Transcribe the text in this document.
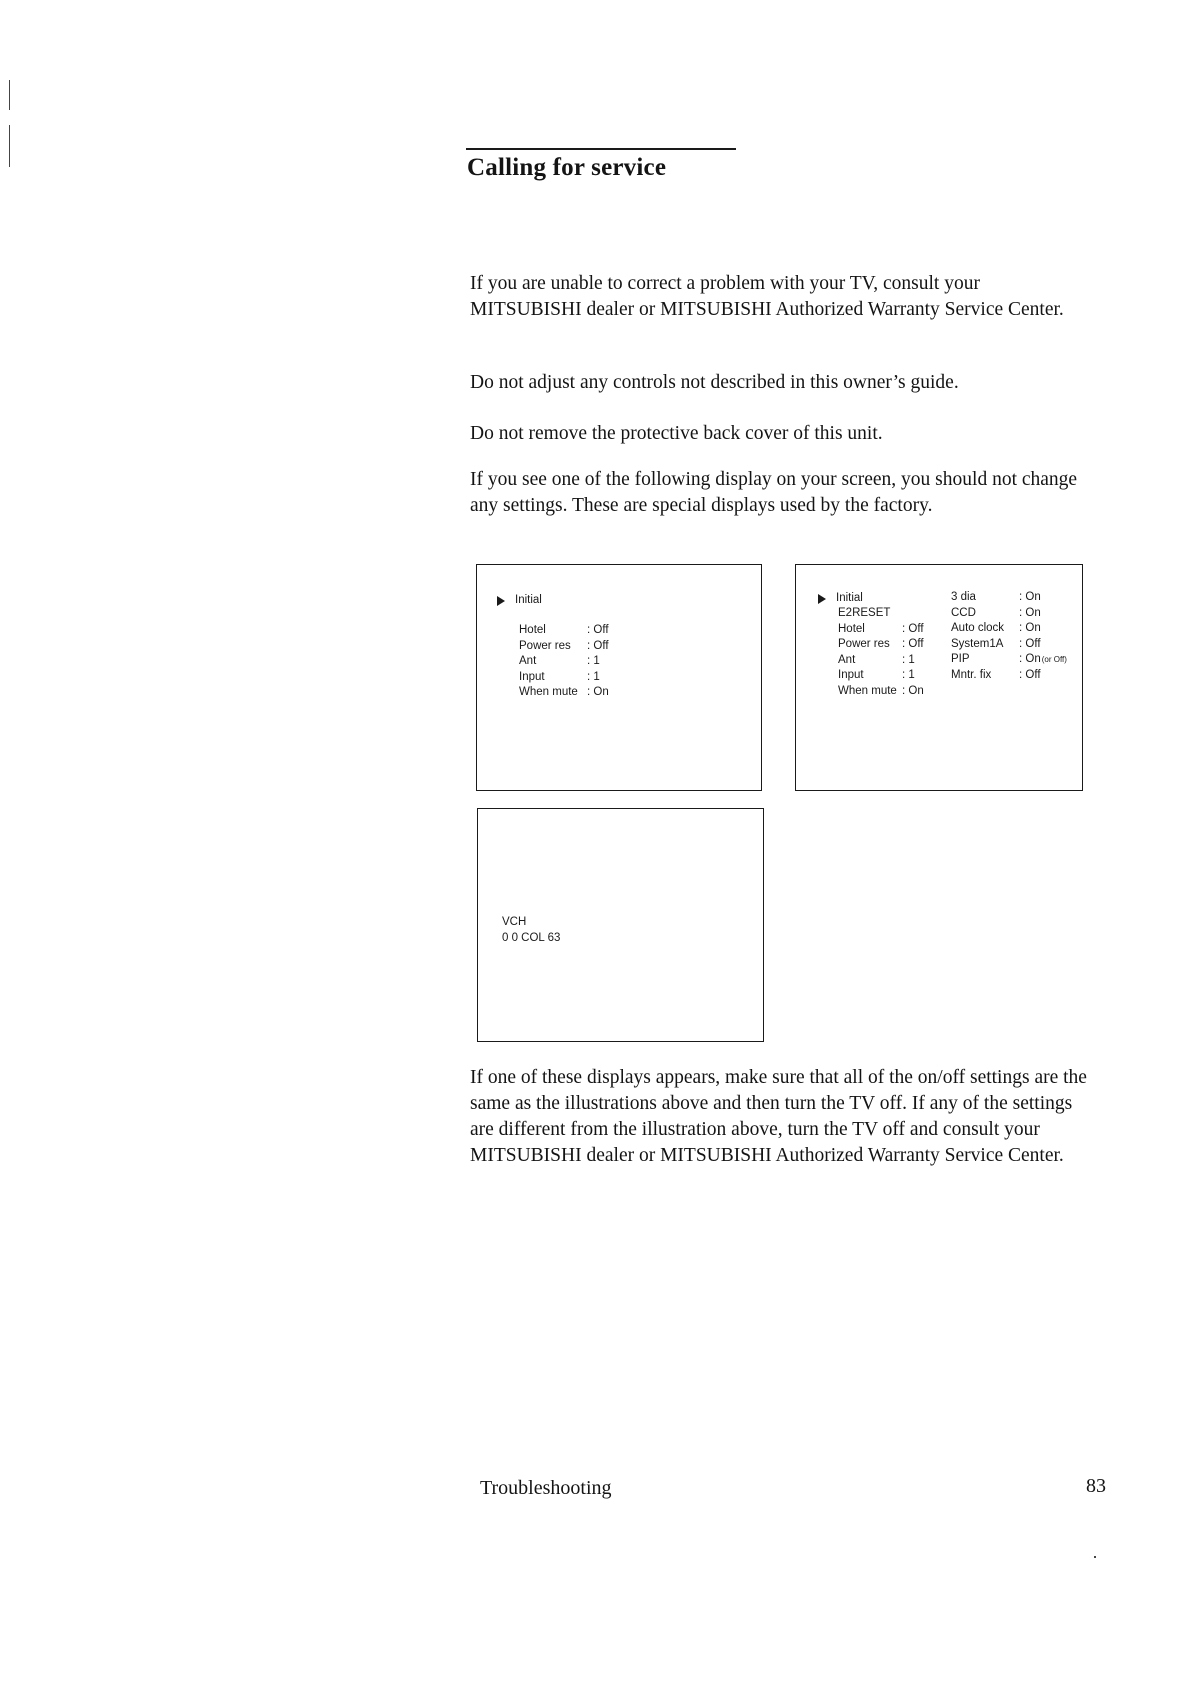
Calling for service

If you are unable to correct a problem with your TV, consult your MITSUBISHI dealer or MITSUBISHI Authorized Warranty Service Center.

Do not adjust any controls not described in this owner’s guide.

Do not remove the protective back cover of this unit.

If you see one of the following display on your screen, you should not change any settings. These are special displays used by the factory.

Initial
Hotel	: Off
Power res	: Off
Ant	: 1
Input	: 1
When mute : On
Initial
E2RESET
Hotel	: Off
Power res	: Off
Ant	: 1
Input	: 1
When mute : On
3 dia	: On
CCD	: On
Auto clock	: On
System1A	: Off
PIP	: On (or Off)
Mntr. fix	: Off
VCH
0 0 COL 63

If one of these displays appears, make sure that all of the on/off settings are the same as the illustrations above and then turn the TV off. If any of the settings are different from the illustration above, turn the TV off and consult your MITSUBISHI dealer or MITSUBISHI Authorized Warranty Service Center.

Troubleshooting	83
